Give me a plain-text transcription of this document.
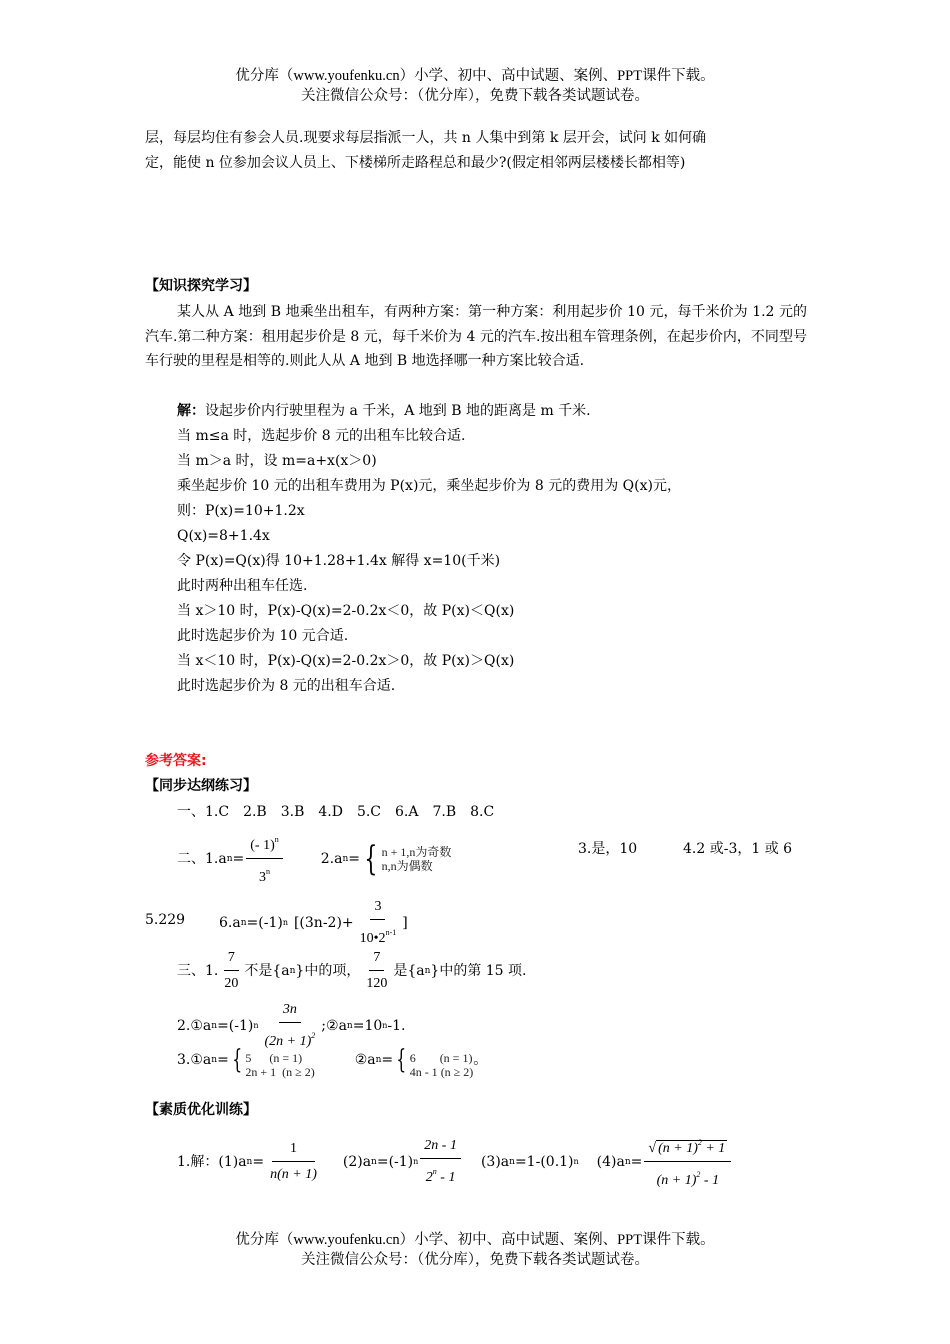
优分库（www.youfenku.cn）小学、初中、高中试题、案例、PPT课件下载。
关注微信公众号：（优分库），免费下载各类试题试卷。
层，每层均住有参会人员.现要求每层指派一人，共 n 人集中到第 k 层开会，试问 k 如何确
定，能使 n 位参加会议人员上、下楼梯所走路程总和最少?(假定相邻两层楼楼长都相等)
【知识探究学习】
某人从 A 地到 B 地乘坐出租车，有两种方案：第一种方案：利用起步价 10 元，每千米价为 1.2 元的汽车.第二种方案：租用起步价是 8 元，每千米价为 4 元的汽车.按出租车管理条例，在起步价内，不同型号车行驶的里程是相等的.则此人从 A 地到 B 地选择哪一种方案比较合适.
解：设起步价内行驶里程为 a 千米，A 地到 B 地的距离是 m 千米.
当 m≤a 时，选起步价 8 元的出租车比较合适.
当 m＞a 时，设 m=a+x(x＞0)
乘坐起步价 10 元的出租车费用为 P(x)元，乘坐起步价为 8 元的费用为 Q(x)元，
则：P(x)=10+1.2x
Q(x)=8+1.4x
令 P(x)=Q(x)得 10+1.28+1.4x 解得 x=10(千米)
此时两种出租车任选.
当 x＞10 时，P(x)-Q(x)=2-0.2x＜0，故 P(x)＜Q(x)
此时选起步价为 10 元合适.
当 x＜10 时，P(x)-Q(x)=2-0.2x＞0，故 P(x)＞Q(x)
此时选起步价为 8 元的出租车合适.
参考答案:
【同步达纲练习】
一、1.C　2.B　3.B　4.D　5.C　6.A　7.B　8.C
二、1.a $n = \frac{(- 1)^n}{3^n}$	2.a n = { n + 1,n为奇数
n,n为偶数
3.是，10	4.2 或-3，1 或 6
5.229 6.a n =(-1) n [$(3n-2)+ \frac{3}{10•2^{n-1}}$ ]
三、1. $\frac{7}{20}$ 不是{a n }中的项， $\frac{7}{120}$ 是{a n }中的第 15 项.
2.①a n =(-1) n $\frac{3n}{(2n + 1)^2}$ ;②a n =10 n -1.
3.①a n = { 5 (n = 1)
2n + 1 (n ≥ 2)
②a n = { 6 (n = 1)
4n - 1 (n ≥ 2)
。
【素质优化训练】
1.解：(1)a $n = \frac{1}{n(n + 1)} (2)a$ n =(-1) n $\frac{2n - 1}{2^n - 1} (3)a$ n =1-(0.1) n (4)a $n = \frac{√ (n + 1)^2 + 1}{(n + 1)^2 - 1}$
优分库（www.youfenku.cn）小学、初中、高中试题、案例、PPT课件下载。
关注微信公众号：（优分库），免费下载各类试题试卷。
